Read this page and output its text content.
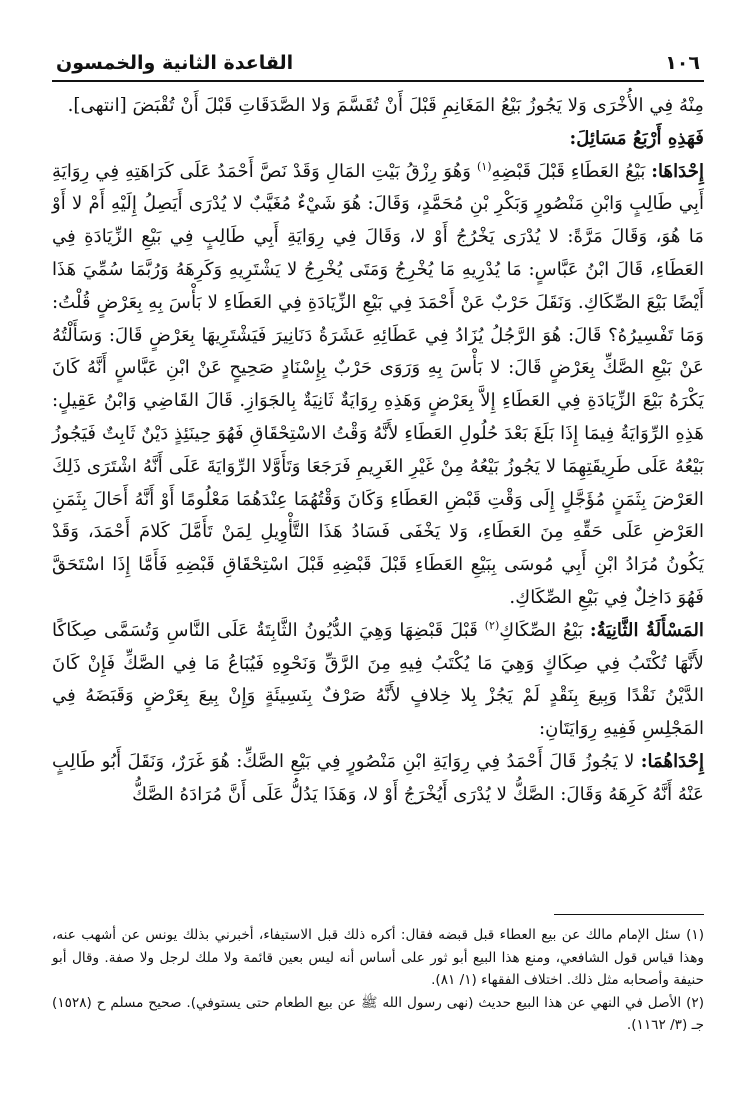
١٠٦
القاعدة الثانية والخمسون

مِنْهُ فِي الأُخْرَى وَلا يَجُوزُ بَيْعُ المَغَانِمِ قَبْلَ أَنْ تُقَسَّمَ وَلا الصَّدَقَاتِ قَبْلَ أَنْ تُقْبَضَ [انتهى].

فَهَذِهِ أَرْبَعُ مَسَائِلَ:

إِحْدَاهَا: بَيْعُ العَطَاءِ قَبْلَ قَبْضِهِ$^{(١)}$ وَهُوَ رِزْقُ بَيْتِ المَالِ وَقَدْ نَصَّ أَحْمَدُ عَلَى كَرَاهَتِهِ فِي رِوَايَةِ أَبِي طَالِبٍ وَابْنِ مَنْصُورٍ وَبَكْرِ بْنِ مُحَمَّدٍ، وَقَالَ: هُوَ شَيْءٌ مُغَيَّبٌ لا يُدْرَى أَيَصِلُ إِلَيْهِ أَمْ لا أَوْ مَا هُوَ، وَقَالَ مَرَّةً: لا يُدْرَى يَخْرُجُ أَوْ لا، وَقَالَ فِي رِوَايَةِ أَبِي طَالِبٍ فِي بَيْعِ الزِّيَادَةِ فِي العَطَاءِ، قَالَ ابْنُ عَبَّاسٍ: مَا يُدْرِيهِ مَا يُخْرِجُ وَمَتَى يُخْرِجُ لا يَشْتَرِيهِ وَكَرِهَهُ وَرُبَّمَا سُمِّيَ هَذَا أَيْضًا بَيْعَ الصِّكَاكِ. وَنَقَلَ حَرْبٌ عَنْ أَحْمَدَ فِي بَيْعِ الزِّيَادَةِ فِي العَطَاءِ لا بَأْسَ بِهِ بِعَرْضٍ قُلْتُ: وَمَا تَفْسِيرُهُ؟ قَالَ: هُوَ الرَّجُلُ يُزَادُ فِي عَطَائِهِ عَشَرَةُ دَنَانِيرَ فَيَشْتَرِيهَا بِعَرْضٍ قَالَ: وَسَأَلْتُهُ عَنْ بَيْعِ الصَّكِّ بِعَرْضٍ قَالَ: لا بَأْسَ بِهِ وَرَوَى حَرْبٌ بِإِسْنَادٍ صَحِيحٍ عَنْ ابْنِ عَبَّاسٍ أَنَّهُ كَانَ يَكْرَهُ بَيْعَ الزِّيَادَةِ فِي العَطَاءِ إِلاَّ بِعَرْضٍ وَهَذِهِ رِوَايَةٌ ثَانِيَةٌ بِالجَوَازِ. قَالَ القَاضِي وَابْنُ عَقِيلٍ: هَذِهِ الرِّوَايَةُ فِيمَا إِذَا بَلَغَ بَعْدَ حُلُولِ العَطَاءِ لأَنَّهُ وَقْتُ الاسْتِحْقَاقِ فَهُوَ حِينَئِذٍ دَيْنٌ ثَابِتٌ فَيَجُوزُ بَيْعُهُ عَلَى طَرِيقَتِهِمَا لا يَجُوزُ بَيْعُهُ مِنْ غَيْرِ الغَرِيمِ فَرَجَعَا وَتَأَوَّلا الرِّوَايَةَ عَلَى أَنَّهُ اشْتَرَى ذَلِكَ العَرْضَ بِثَمَنٍ مُؤَجَّلٍ إِلَى وَقْتِ قَبْضِ العَطَاءِ وَكَانَ وَقْتُهُمَا عِنْدَهُمَا مَعْلُومًا أَوْ أَنَّهُ أَحَالَ بِثَمَنِ العَرْضِ عَلَى حَقِّهِ مِنَ العَطَاءِ، وَلا يَخْفَى فَسَادُ هَذَا التَّأْوِيلِ لِمَنْ تَأَمَّلَ كَلامَ أَحْمَدَ، وَقَدْ يَكُونُ مُرَادُ ابْنِ أَبِي مُوسَى بِبَيْعِ العَطَاءِ قَبْلَ قَبْضِهِ قَبْلَ اسْتِحْقَاقِ قَبْضِهِ فَأَمَّا إِذَا اسْتَحَقَّ فَهُوَ دَاخِلٌ فِي بَيْعِ الصِّكَاكِ.

المَسْأَلَةُ الثَّانِيَةُ: بَيْعُ الصِّكَاكِ$^{(٢)}$ قَبْلَ قَبْضِهَا وَهِيَ الدُّيُونُ الثَّابِتَةُ عَلَى النَّاسِ وَتُسَمَّى صِكَاكًا لأَنَّهَا تُكْتَبُ فِي صِكَاكٍ وَهِيَ مَا يُكْتَبُ فِيهِ مِنَ الرَّقِّ وَنَحْوِهِ فَيُبَاعُ مَا فِي الصَّكِّ فَإِنْ كَانَ الدَّيْنُ نَقْدًا وَبِيعَ بِنَقْدٍ لَمْ يَجُزْ بِلا خِلافٍ لأَنَّهُ صَرْفٌ بِنَسِيئَةٍ وَإِنْ بِيعَ بِعَرْضٍ وَقَبَضَهُ فِي المَجْلِسِ فَفِيهِ رِوَايَتَانِ:

إِحْدَاهُمَا: لا يَجُوزُ قَالَ أَحْمَدُ فِي رِوَايَةِ ابْنِ مَنْصُورٍ فِي بَيْعِ الصَّكِّ: هُوَ غَرَرٌ، وَنَقَلَ أَبُو طَالِبٍ عَنْهُ أَنَّهُ كَرِهَهُ وَقَالَ: الصَّكُّ لا يُدْرَى أَيُخْرَجُ أَوْ لا، وَهَذَا يَدُلُّ عَلَى أَنَّ مُرَادَهُ الصَّكُّ

(١) سئل الإمام مالك عن بيع العطاء قبل قبضه فقال: أكره ذلك قبل الاستيفاء، أخبرني بذلك يونس عن أشهب عنه، وهذا قياس قول الشافعي، ومنع هذا البيع أبو ثور على أساس أنه ليس بعين قائمة ولا ملك لرجل ولا صفة. وقال أبو حنيفة وأصحابه مثل ذلك. اختلاف الفقهاء (١/ ٨١).

(٢) الأصل في النهي عن هذا البيع حديث (نهى رسول الله ﷺ عن بيع الطعام حتى يستوفي). صحيح مسلم ح (١٥٢٨) جـ (٣/ ١١٦٢).
